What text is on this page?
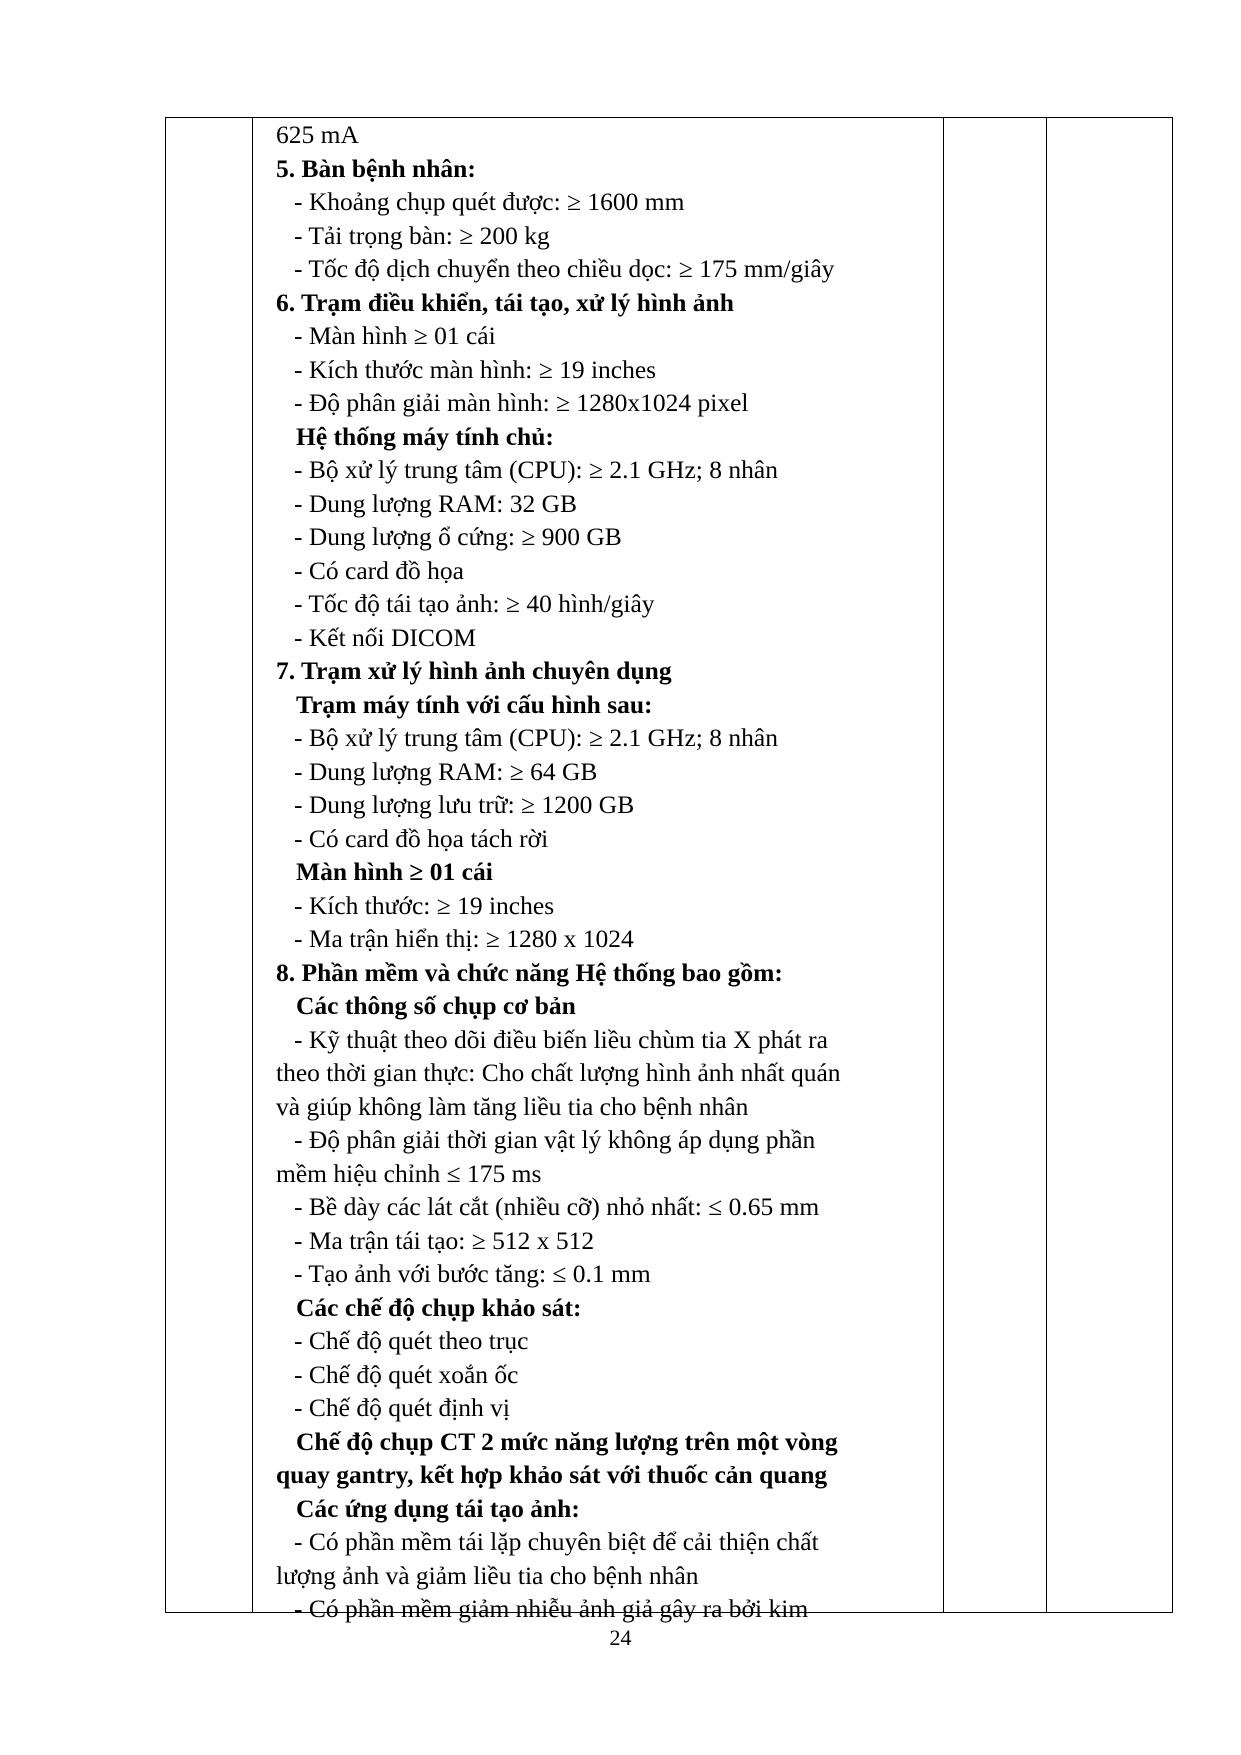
625 mA
5. Bàn bệnh nhân:
- Khoảng chụp quét được: ≥ 1600 mm
- Tải trọng bàn: ≥ 200 kg
- Tốc độ dịch chuyển theo chiều dọc: ≥ 175 mm/giây
6. Trạm điều khiển, tái tạo, xử lý hình ảnh
- Màn hình ≥ 01 cái
- Kích thước màn hình: ≥ 19 inches
- Độ phân giải màn hình: ≥ 1280x1024 pixel
Hệ thống máy tính chủ:
- Bộ xử lý trung tâm (CPU): ≥ 2.1 GHz; 8 nhân
- Dung lượng RAM: 32 GB
- Dung lượng ổ cứng: ≥ 900 GB
- Có card đồ họa
- Tốc độ tái tạo ảnh: ≥ 40 hình/giây
- Kết nối DICOM
7. Trạm xử lý hình ảnh chuyên dụng
Trạm máy tính với cấu hình sau:
- Bộ xử lý trung tâm (CPU): ≥ 2.1 GHz; 8 nhân
- Dung lượng RAM: ≥ 64 GB
- Dung lượng lưu trữ: ≥ 1200 GB
- Có card đồ họa tách rời
Màn hình ≥ 01 cái
- Kích thước: ≥ 19 inches
- Ma trận hiển thị: ≥ 1280 x 1024
8. Phần mềm và chức năng Hệ thống bao gồm:
Các thông số chụp cơ bản
- Kỹ thuật theo dõi điều biến liều chùm tia X phát ra
theo thời gian thực: Cho chất lượng hình ảnh nhất quán
và giúp không làm tăng liều tia cho bệnh nhân
- Độ phân giải thời gian vật lý không áp dụng phần
mềm hiệu chỉnh ≤ 175 ms
- Bề dày các lát cắt (nhiều cỡ) nhỏ nhất: ≤ 0.65 mm
- Ma trận tái tạo: ≥ 512 x 512
- Tạo ảnh với bước tăng: ≤ 0.1 mm
Các chế độ chụp khảo sát:
- Chế độ quét theo trục
- Chế độ quét xoắn ốc
- Chế độ quét định vị
Chế độ chụp CT 2 mức năng lượng trên một vòng
quay gantry, kết hợp khảo sát với thuốc cản quang
Các ứng dụng tái tạo ảnh:
- Có phần mềm tái lặp chuyên biệt để cải thiện chất
lượng ảnh và giảm liều tia cho bệnh nhân
- Có phần mềm giảm nhiễu ảnh giả gây ra bởi kim
24
